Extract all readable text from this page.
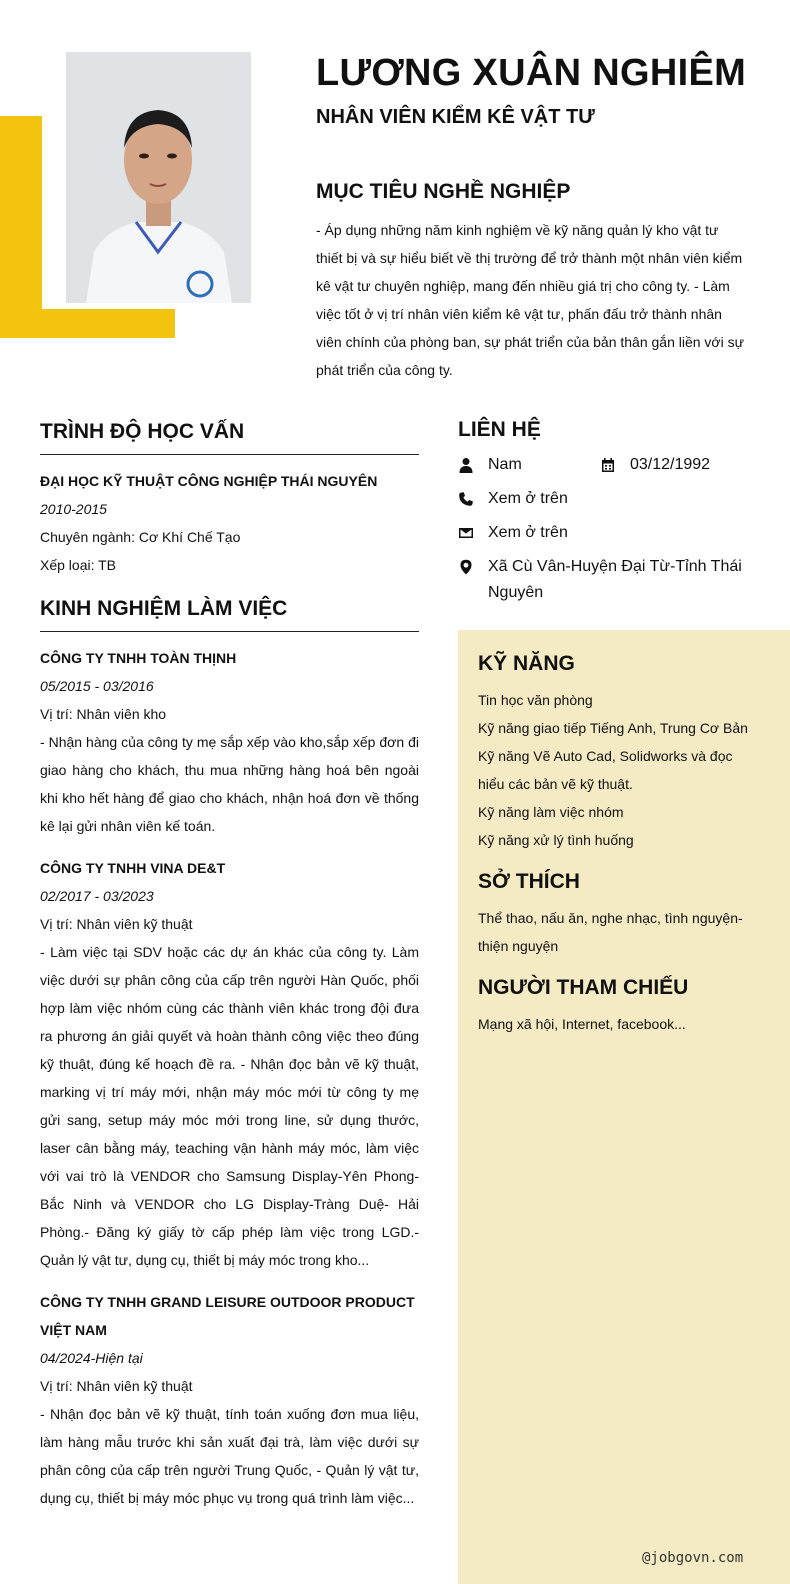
LƯƠNG XUÂN NGHIÊM
NHÂN VIÊN KIỂM KÊ VẬT TƯ
MỤC TIÊU NGHỀ NGHIỆP
- Áp dụng những năm kinh nghiệm về kỹ năng quản lý kho vật tư thiết bị và sự hiểu biết về thị trường để trở thành một nhân viên kiểm kê vật tư chuyên nghiệp, mang đến nhiều giá trị cho công ty. - Làm việc tốt ở vị trí nhân viên kiểm kê vật tư, phấn đấu trở thành nhân viên chính của phòng ban, sự phát triển của bản thân gắn liền với sự phát triển của công ty.
TRÌNH ĐỘ HỌC VẤN
ĐẠI HỌC KỸ THUẬT CÔNG NGHIỆP THÁI NGUYÊN
2010-2015
Chuyên ngành: Cơ Khí Chế Tạo
Xếp loại: TB
KINH NGHIỆM LÀM VIỆC
CÔNG TY TNHH TOÀN THỊNH
05/2015 - 03/2016
Vị trí: Nhân viên kho
- Nhận hàng của công ty mẹ sắp xếp vào kho,sắp xếp đơn đi giao hàng cho khách, thu mua những hàng hoá bên ngoài khi kho hết hàng để giao cho khách, nhận hoá đơn về thống kê lại gửi nhân viên kế toán.
CÔNG TY TNHH VINA DE&T
02/2017 - 03/2023
Vị trí: Nhân viên kỹ thuật
- Làm việc tại SDV hoặc các dự án khác của công ty. Làm việc dưới sự phân công của cấp trên người Hàn Quốc, phối hợp làm việc nhóm cùng các thành viên khác trong đội đưa ra phương án giải quyết và hoàn thành công việc theo đúng kỹ thuật, đúng kế hoạch đề ra. - Nhận đọc bản vẽ kỹ thuật, marking vị trí máy mới, nhận máy móc mới từ công ty mẹ gửi sang, setup máy móc mới trong line, sử dụng thước, laser cân bằng máy, teaching vận hành máy móc, làm việc với vai trò là VENDOR cho Samsung Display-Yên Phong-Bắc Ninh và VENDOR cho LG Display-Tràng Duệ- Hải Phòng.- Đăng ký giấy tờ cấp phép làm việc trong LGD.- Quản lý vật tư, dụng cụ, thiết bị máy móc trong kho...
CÔNG TY TNHH GRAND LEISURE OUTDOOR PRODUCT VIỆT NAM
04/2024-Hiện tại
Vị trí: Nhân viên kỹ thuật
- Nhận đọc bản vẽ kỹ thuật, tính toán xuống đơn mua liệu, làm hàng mẫu trước khi sản xuất đại trà, làm việc dưới sự phân công của cấp trên người Trung Quốc, - Quản lý vật tư, dụng cụ, thiết bị máy móc phục vụ trong quá trình làm việc...
LIÊN HỆ
Nam	03/12/1992
Xem ở trên
Xem ở trên
Xã Cù Vân-Huyện Đại Từ-Tỉnh Thái Nguyên
KỸ NĂNG
Tin học văn phòng
Kỹ năng giao tiếp Tiếng Anh, Trung Cơ Bản
Kỹ năng Vẽ Auto Cad, Solidworks và đọc hiểu các bản vẽ kỹ thuật.
Kỹ năng làm việc nhóm
Kỹ năng xử lý tình huống
SỞ THÍCH
Thể thao, nấu ăn, nghe nhạc, tình nguyện-thiện nguyện
NGƯỜI THAM CHIẾU
Mạng xã hội, Internet, facebook...
@jobgovn.com
